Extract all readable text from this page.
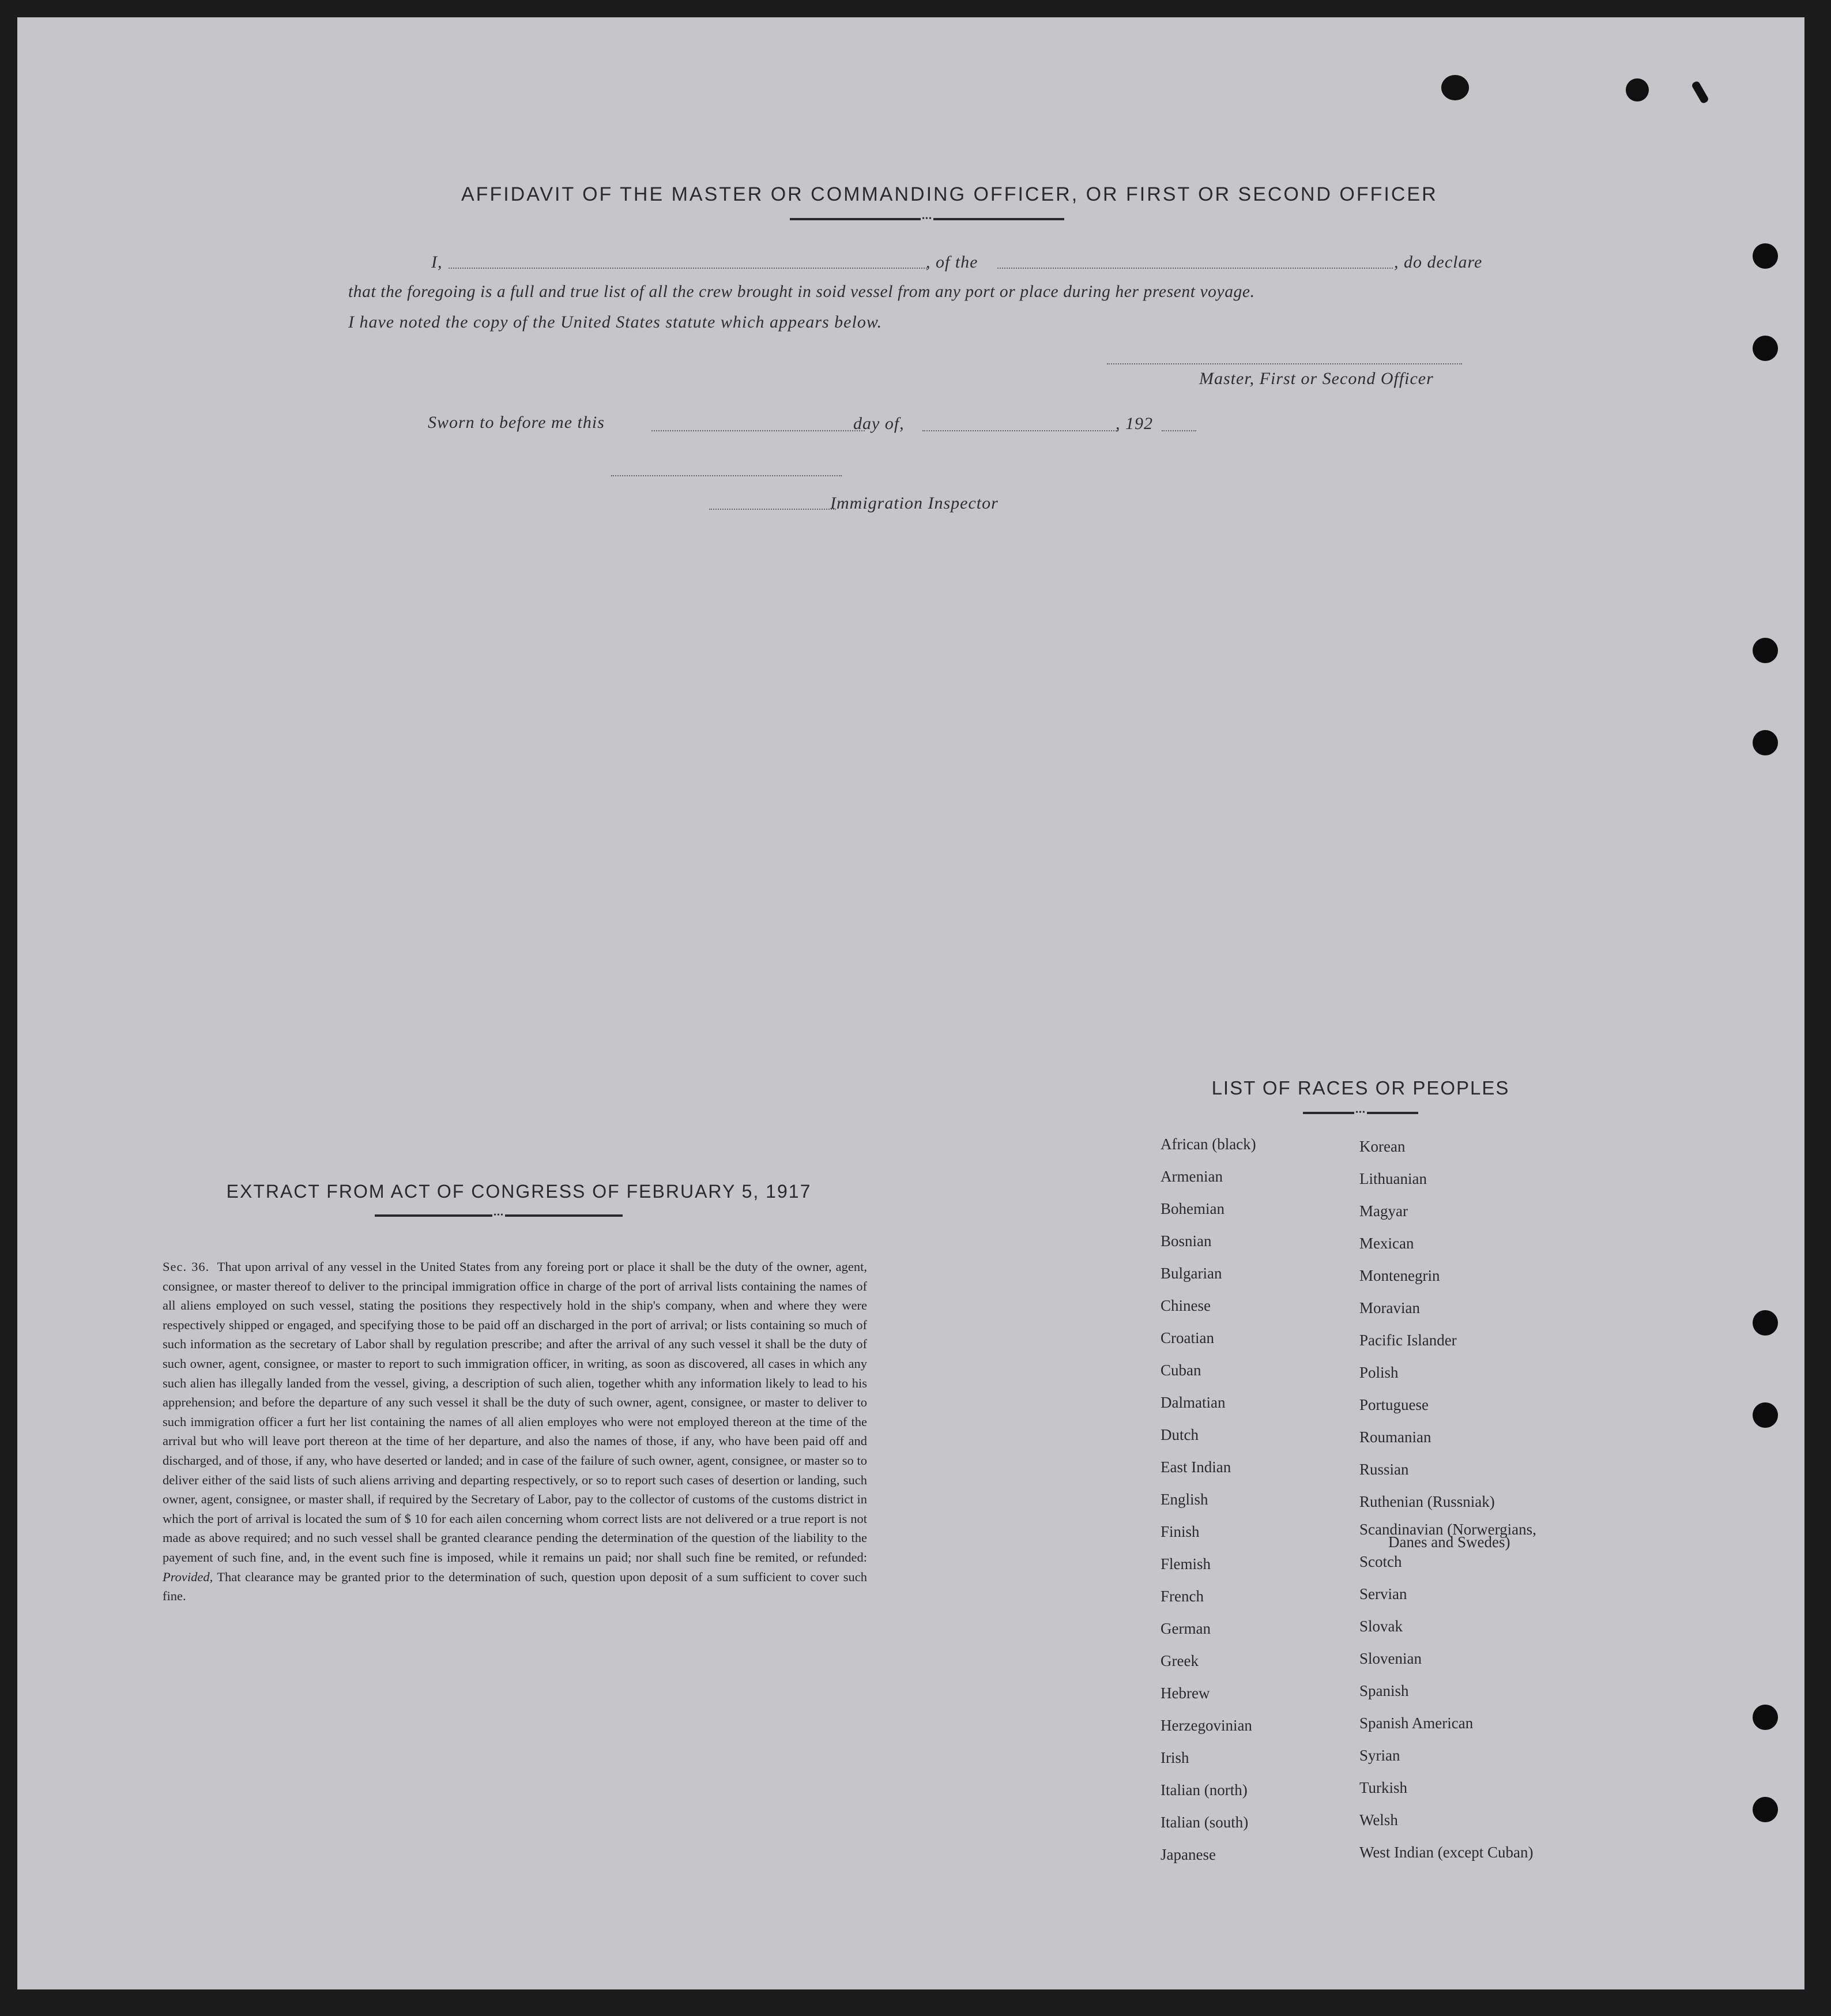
AFFIDAVIT OF THE MASTER OR COMMANDING OFFICER, OR FIRST OR SECOND OFFICER
•••
I,	, of the	, do declare
that the foregoing is a full and true list of all the crew brought in soid vessel from any port or place during her present voyage.
I have noted the copy of the United States statute which appears below.
Master, First or Second Officer
Sworn to before me this	day of,	, 192
Immigration Inspector
EXTRACT FROM ACT OF CONGRESS OF FEBRUARY 5, 1917
•••
Sec. 36. That upon arrival of any vessel in the United States from any foreing port or place it shall be the duty of the owner, agent, consignee, or master thereof to deliver to the principal immigration office in charge of the port of arrival lists containing the names of all aliens employed on such vessel, stating the positions they respectively hold in the ship's company, when and where they were respectively shipped or engaged, and specifying those to be paid off an discharged in the port of arrival; or lists containing so much of such information as the secretary of Labor shall by regulation prescribe; and after the arrival of any such vessel it shall be the duty of such owner, agent, consignee, or master to report to such immigration officer, in writing, as soon as discovered, all cases in which any such alien has illegally landed from the vessel, giving, a description of such alien, together whith any information likely to lead to his apprehension; and before the departure of any such vessel it shall be the duty of such owner, agent, consignee, or master to deliver to such immigration officer a furt her list containing the names of all alien employes who were not employed thereon at the time of the arrival but who will leave port thereon at the time of her departure, and also the names of those, if any, who have been paid off and discharged, and of those, if any, who have deserted or landed; and in case of the failure of such owner, agent, consignee, or master so to deliver either of the said lists of such aliens arriving and departing respectively, or so to report such cases of desertion or landing, such owner, agent, consignee, or master shall, if required by the Secretary of Labor, pay to the collector of customs of the customs district in which the port of arrival is located the sum of $ 10 for each ailen concerning whom correct lists are not delivered or a true report is not made as above required; and no such vessel shall be granted clearance pending the determination of the question of the liability to the payement of such fine, and, in the event such fine is imposed, while it remains un paid; nor shall such fine be remited, or refunded: Provided, That clearance may be granted prior to the determination of such, question upon deposit of a sum sufficient to cover such fine.
LIST OF RACES OR PEOPLES
•••
African (black)
Armenian
Bohemian
Bosnian
Bulgarian
Chinese
Croatian
Cuban
Dalmatian
Dutch
East Indian
English
Finish
Flemish
French
German
Greek
Hebrew
Herzegovinian
Irish
Italian (north)
Italian (south)
Japanese
Korean
Lithuanian
Magyar
Mexican
Montenegrin
Moravian
Pacific Islander
Polish
Portuguese
Roumanian
Russian
Ruthenian (Russniak)
Scandinavian (Norwergians,
Danes and Swedes)
Scotch
Servian
Slovak
Slovenian
Spanish
Spanish American
Syrian
Turkish
Welsh
West Indian (except Cuban)
